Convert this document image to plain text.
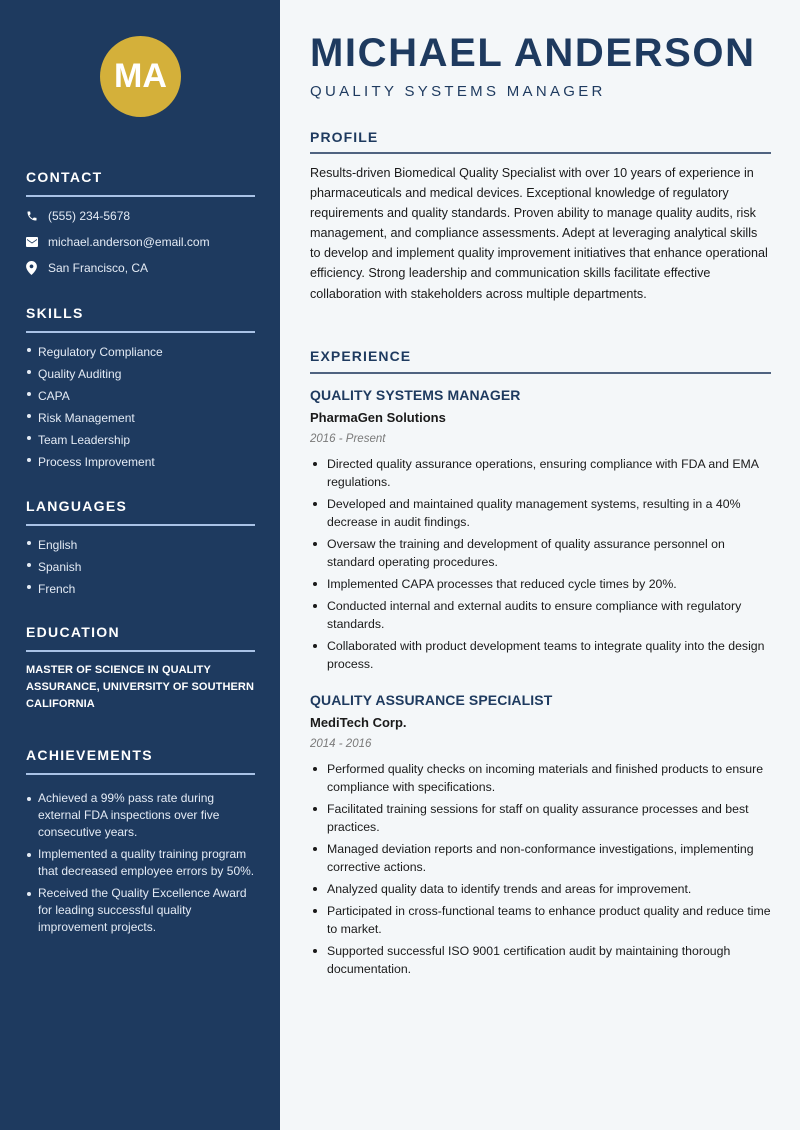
MA
CONTACT
(555) 234-5678
michael.anderson@email.com
San Francisco, CA
SKILLS
Regulatory Compliance
Quality Auditing
CAPA
Risk Management
Team Leadership
Process Improvement
LANGUAGES
English
Spanish
French
EDUCATION
MASTER OF SCIENCE IN QUALITY ASSURANCE, UNIVERSITY OF SOUTHERN CALIFORNIA
ACHIEVEMENTS
Achieved a 99% pass rate during external FDA inspections over five consecutive years.
Implemented a quality training program that decreased employee errors by 50%.
Received the Quality Excellence Award for leading successful quality improvement projects.
MICHAEL ANDERSON
QUALITY SYSTEMS MANAGER
PROFILE

Results-driven Biomedical Quality Specialist with over 10 years of experience in pharmaceuticals and medical devices. Exceptional knowledge of regulatory requirements and quality standards. Proven ability to manage quality audits, risk management, and compliance assessments. Adept at leveraging analytical skills to develop and implement quality improvement initiatives that enhance operational efficiency. Strong leadership and communication skills facilitate effective collaboration with stakeholders across multiple departments.

EXPERIENCE
QUALITY SYSTEMS MANAGER
PharmaGen Solutions
2016 - Present
Directed quality assurance operations, ensuring compliance with FDA and EMA regulations.
Developed and maintained quality management systems, resulting in a 40% decrease in audit findings.
Oversaw the training and development of quality assurance personnel on standard operating procedures.
Implemented CAPA processes that reduced cycle times by 20%.
Conducted internal and external audits to ensure compliance with regulatory standards.
Collaborated with product development teams to integrate quality into the design process.
QUALITY ASSURANCE SPECIALIST
MediTech Corp.
2014 - 2016
Performed quality checks on incoming materials and finished products to ensure compliance with specifications.
Facilitated training sessions for staff on quality assurance processes and best practices.
Managed deviation reports and non-conformance investigations, implementing corrective actions.
Analyzed quality data to identify trends and areas for improvement.
Participated in cross-functional teams to enhance product quality and reduce time to market.
Supported successful ISO 9001 certification audit by maintaining thorough documentation.
